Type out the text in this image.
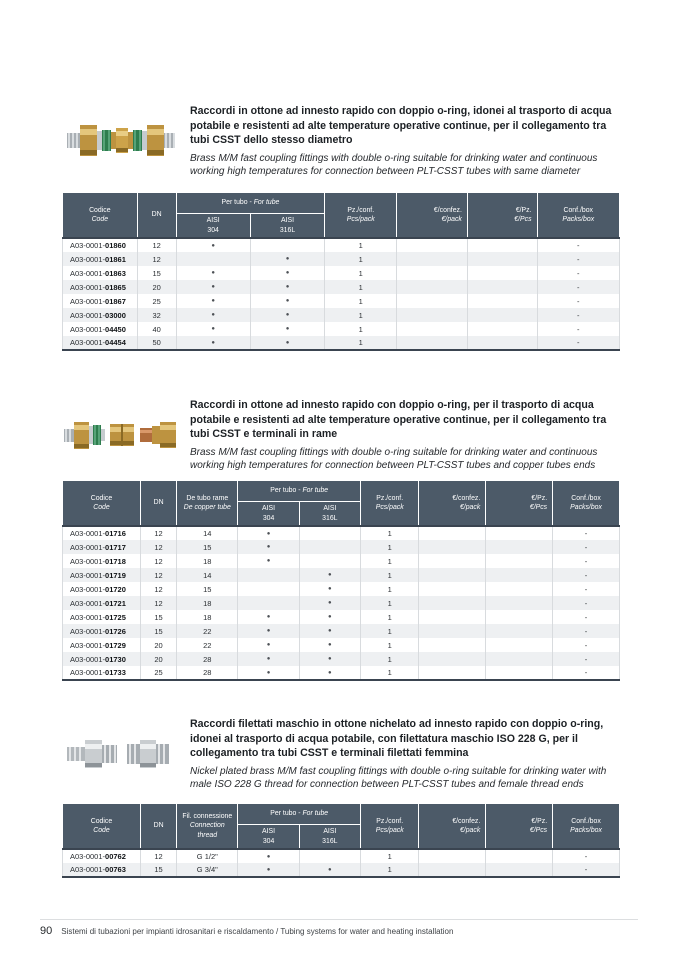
Raccordi in ottone ad innesto rapido con doppio o-ring, idonei al trasporto di acqua potabile e resistenti ad alte temperature operative continue, per il collegamento tra tubi CSST dello stesso diametro

Brass M/M fast coupling fittings with double o-ring suitable for drinking water and continuous working high temperatures for connection between PLT-CSST tubes with same diameter

Codice
Code

DN
	Per tubo - For tube	
Pz./conf.
Pcs/pack

€/confez.
€/pack

€/Pz.
€/Pcs

Conf./box
Packs/box

AISI
304

AISI
316L

A03-0001-01860	12	●		1			-
A03-0001-01861	12		●	1			-
A03-0001-01863	15	●	●	1			-
A03-0001-01865	20	●	●	1			-
A03-0001-01867	25	●	●	1			-
A03-0001-03000	32	●	●	1			-
A03-0001-04450	40	●	●	1			-
A03-0001-04454	50	●	●	1			-

Raccordi in ottone ad innesto rapido con doppio o-ring, per il trasporto di acqua potabile e resistenti ad alte temperature operative continue, per il collegamento tra tubi CSST e terminali in rame

Brass M/M fast coupling fittings with double o-ring suitable for drinking water and continuous working high temperatures for connection between PLT-CSST tubes and copper tubes ends

Codice
Code

DN

De tubo rame
De copper tube
	Per tubo - For tube	
Pz./conf.
Pcs/pack

€/confez.
€/pack

€/Pz.
€/Pcs

Conf./box
Packs/box

AISI
304

AISI
316L

A03-0001-01716	12	14	●		1			-
A03-0001-01717	12	15	●		1			-
A03-0001-01718	12	18	●		1			-
A03-0001-01719	12	14		●	1			-
A03-0001-01720	12	15		●	1			-
A03-0001-01721	12	18		●	1			-
A03-0001-01725	15	18	●	●	1			-
A03-0001-01726	15	22	●	●	1			-
A03-0001-01729	20	22	●	●	1			-
A03-0001-01730	20	28	●	●	1			-
A03-0001-01733	25	28	●	●	1			-

Raccordi filettati maschio in ottone nichelato ad innesto rapido con doppio o-ring, idonei al trasporto di acqua potabile, con filettatura maschio ISO 228 G, per il collegamento tra tubi CSST e terminali filettati femmina

Nickel plated brass M/M fast coupling fittings with double o-ring suitable for drinking water with male ISO 228 G thread for connection between PLT-CSST tubes and female thread ends

Codice
Code

DN

Fil. connessione
Connection thread
	Per tubo - For tube	
Pz./conf.
Pcs/pack

€/confez.
€/pack

€/Pz.
€/Pcs

Conf./box
Packs/box

AISI
304

AISI
316L

A03-0001-00762	12	G 1/2"	●		1			-
A03-0001-00763	15	G 3/4"	●	●	1			-
90 Sistemi di tubazioni per impianti idrosanitari e riscaldamento / Tubing systems for water and heating installation
